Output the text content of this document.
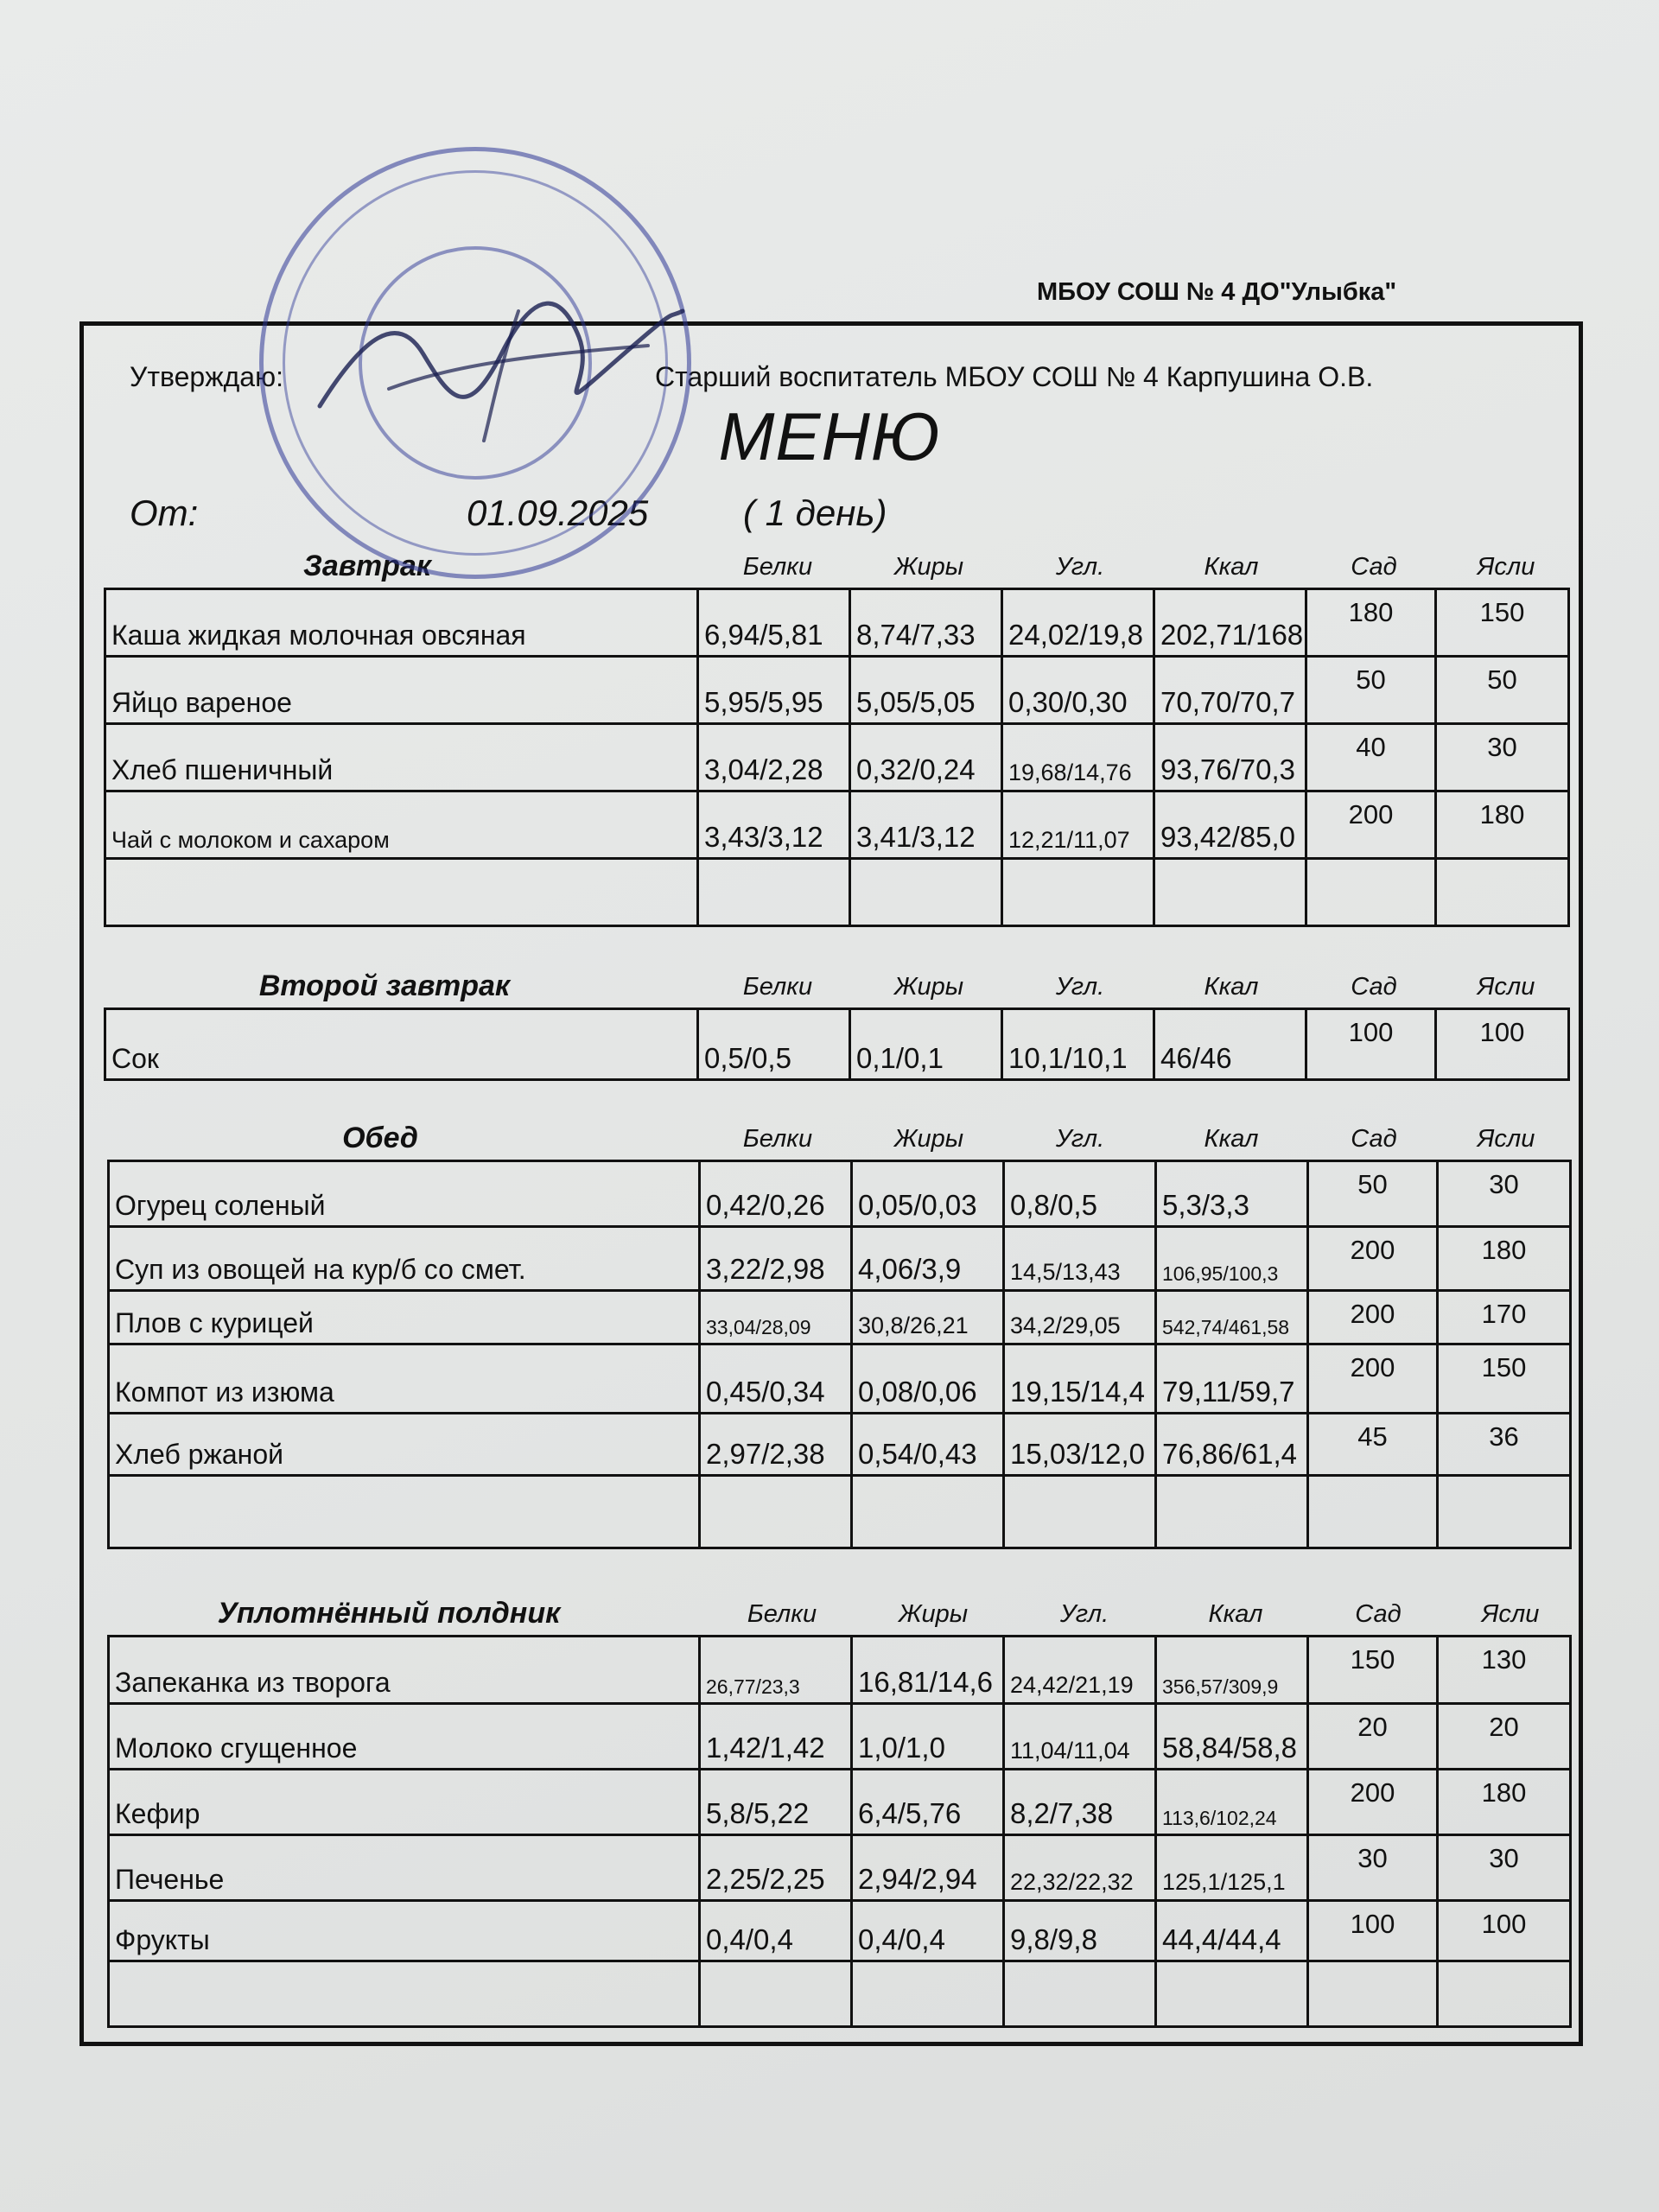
МБОУ СОШ № 4 ДО"Улыбка"
Утверждаю:	Старший воспитатель МБОУ СОШ № 4 Карпушина О.В.
МЕНЮ
От:	01.09.2025	( 1 день)
Завтрак	Белки	Жиры	Угл.	Ккал	Сад	Ясли
Второй завтрак	Белки	Жиры	Угл.	Ккал	Сад	Ясли
Обед	Белки	Жиры	Угл.	Ккал	Сад	Ясли
Уплотнённый полдник	Белки	Жиры	Угл.	Ккал	Сад	Ясли
Каша жидкая молочная овсяная	6,94/5,81	8,74/7,33	24,02/19,8	202,71/168	180	150
Яйцо вареное	5,95/5,95	5,05/5,05	0,30/0,30	70,70/70,7	50	50
Хлеб пшеничный	3,04/2,28	0,32/0,24	19,68/14,76	93,76/70,3	40	30
Чай с молоком и сахаром	3,43/3,12	3,41/3,12	12,21/11,07	93,42/85,0	200	180

Сок	0,5/0,5	0,1/0,1	10,1/10,1	46/46	100	100
Огурец соленый	0,42/0,26	0,05/0,03	0,8/0,5	5,3/3,3	50	30
Суп из овощей на кур/б со смет.	3,22/2,98	4,06/3,9	14,5/13,43	106,95/100,3	200	180
Плов с курицей	33,04/28,09	30,8/26,21	34,2/29,05	542,74/461,58	200	170
Компот из изюма	0,45/0,34	0,08/0,06	19,15/14,4	79,11/59,7	200	150
Хлеб ржаной	2,97/2,38	0,54/0,43	15,03/12,0	76,86/61,4	45	36

Запеканка из творога	26,77/23,3	16,81/14,6	24,42/21,19	356,57/309,9	150	130
Молоко сгущенное	1,42/1,42	1,0/1,0	11,04/11,04	58,84/58,8	20	20
Кефир	5,8/5,22	6,4/5,76	8,2/7,38	113,6/102,24	200	180
Печенье	2,25/2,25	2,94/2,94	22,32/22,32	125,1/125,1	30	30
Фрукты	0,4/0,4	0,4/0,4	9,8/9,8	44,4/44,4	100	100
